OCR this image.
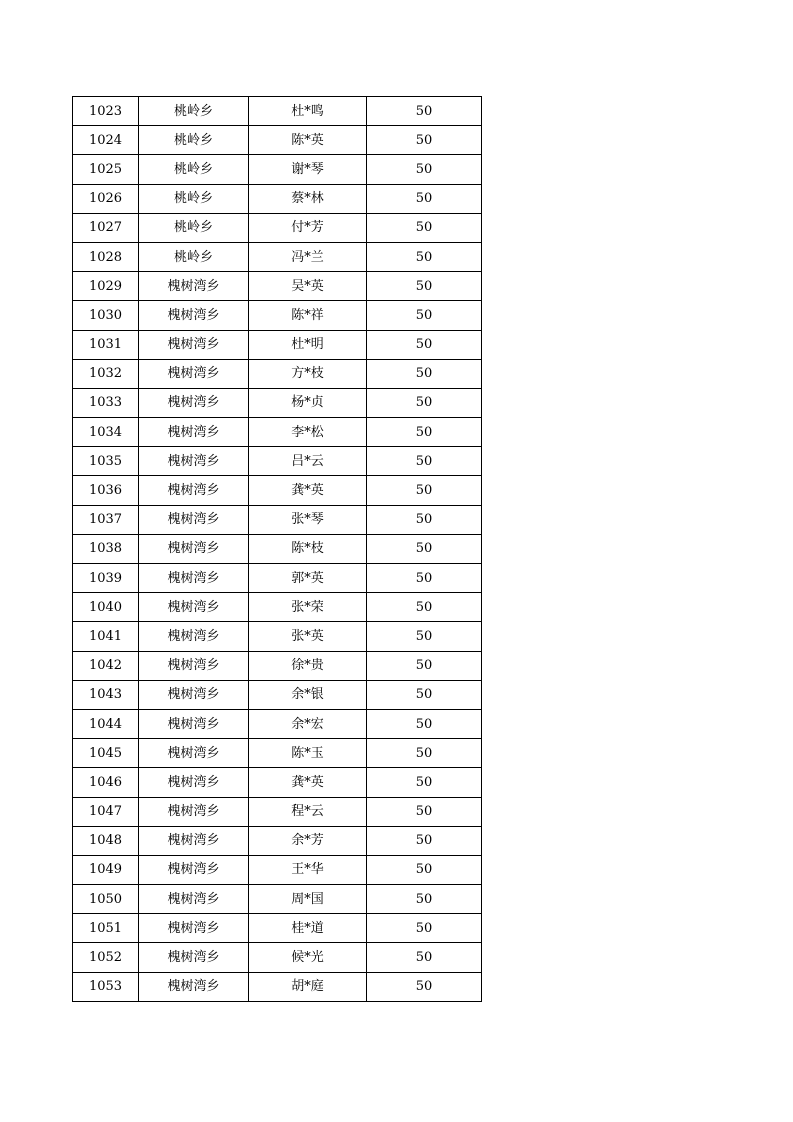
1023	桃岭乡	杜*鸣	50
1024	桃岭乡	陈*英	50
1025	桃岭乡	谢*琴	50
1026	桃岭乡	蔡*林	50
1027	桃岭乡	付*芳	50
1028	桃岭乡	冯*兰	50
1029	槐树湾乡	吴*英	50
1030	槐树湾乡	陈*祥	50
1031	槐树湾乡	杜*明	50
1032	槐树湾乡	方*枝	50
1033	槐树湾乡	杨*贞	50
1034	槐树湾乡	李*松	50
1035	槐树湾乡	吕*云	50
1036	槐树湾乡	龚*英	50
1037	槐树湾乡	张*琴	50
1038	槐树湾乡	陈*枝	50
1039	槐树湾乡	郭*英	50
1040	槐树湾乡	张*荣	50
1041	槐树湾乡	张*英	50
1042	槐树湾乡	徐*贵	50
1043	槐树湾乡	余*银	50
1044	槐树湾乡	余*宏	50
1045	槐树湾乡	陈*玉	50
1046	槐树湾乡	龚*英	50
1047	槐树湾乡	程*云	50
1048	槐树湾乡	余*芳	50
1049	槐树湾乡	王*华	50
1050	槐树湾乡	周*国	50
1051	槐树湾乡	桂*道	50
1052	槐树湾乡	候*光	50
1053	槐树湾乡	胡*庭	50
